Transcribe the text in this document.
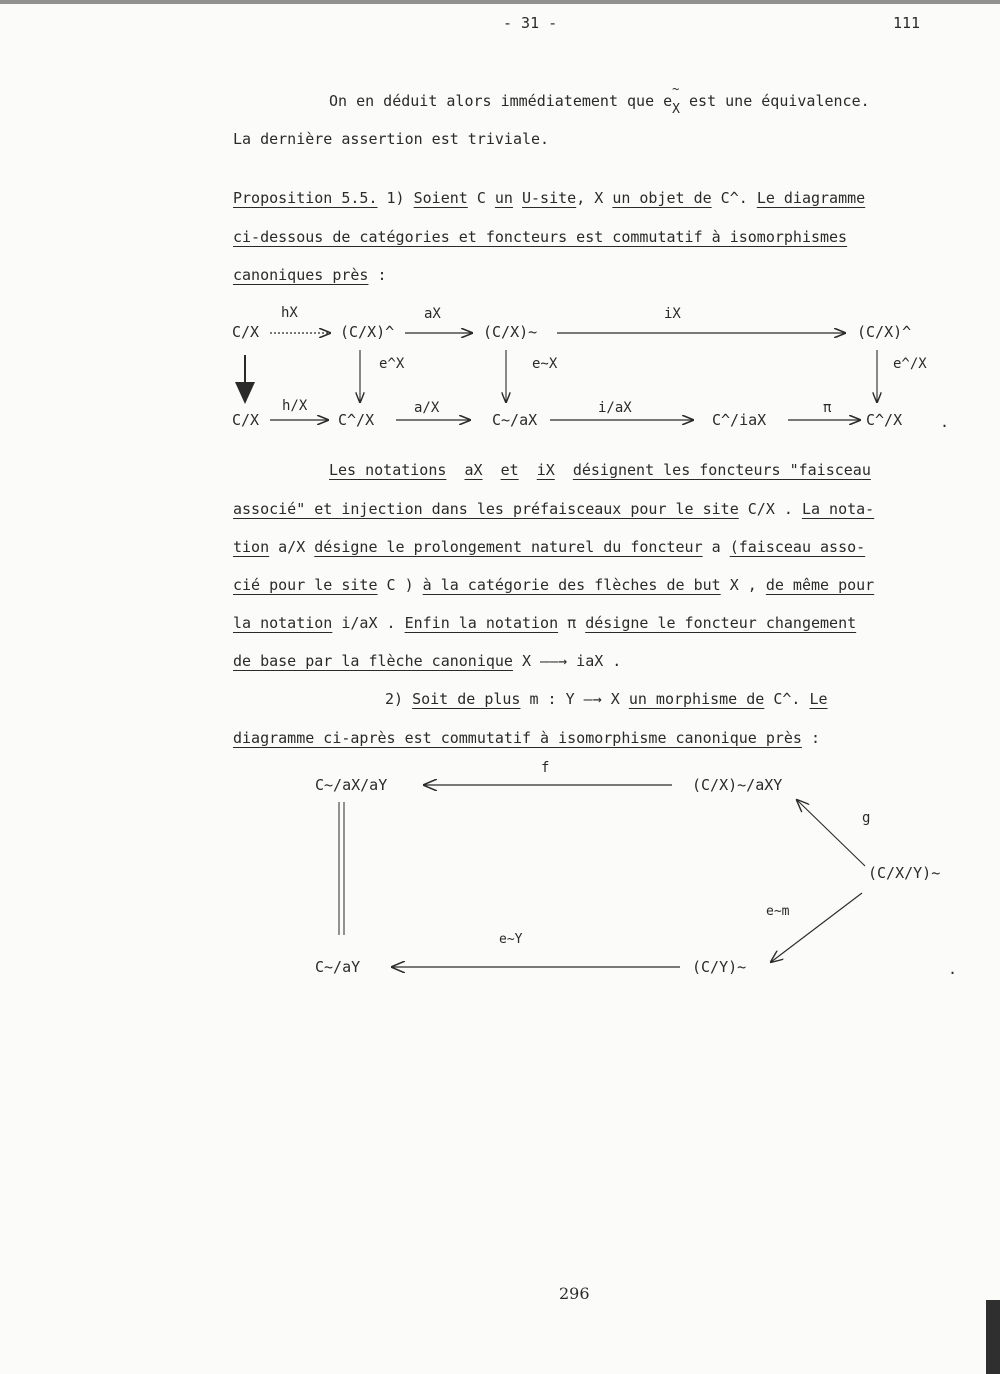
- 31 -	111
On en déduit alors immédiatement que e
~
X est une équivalence.
La dernière assertion est triviale.
Proposition 5.5. 1) Soient C un U-site, X un objet de C^. Le diagramme
ci-dessous de catégories et foncteurs est commutatif à isomorphismes
canoniques près :
C/X	(C/X)^	(C/X)~	(C/X)^
hX	aX	iX
e^X	e~X	e^/X
C/X	C^/X	C~/aX	C^/iaX	C^/X
h/X	a/X	i/aX	π
.
Les notations aX et iX désignent les foncteurs "faisceau
associé" et injection dans les préfaisceaux pour le site C/X . La nota-
tion a/X désigne le prolongement naturel du foncteur a (faisceau asso-
cié pour le site C ) à la catégorie des flèches de but X , de même pour
la notation i/aX . Enfin la notation π désigne le foncteur changement
de base par la flèche canonique X ——→ iaX .
2) Soit de plus m : Y —→ X un morphisme de C^. Le
diagramme ci-après est commutatif à isomorphisme canonique près :
C~/aX/aY	(C/X)~/aXY
(C/X/Y)~
C~/aY	(C/Y)~
f
g
e~m
e~Y
.
296
